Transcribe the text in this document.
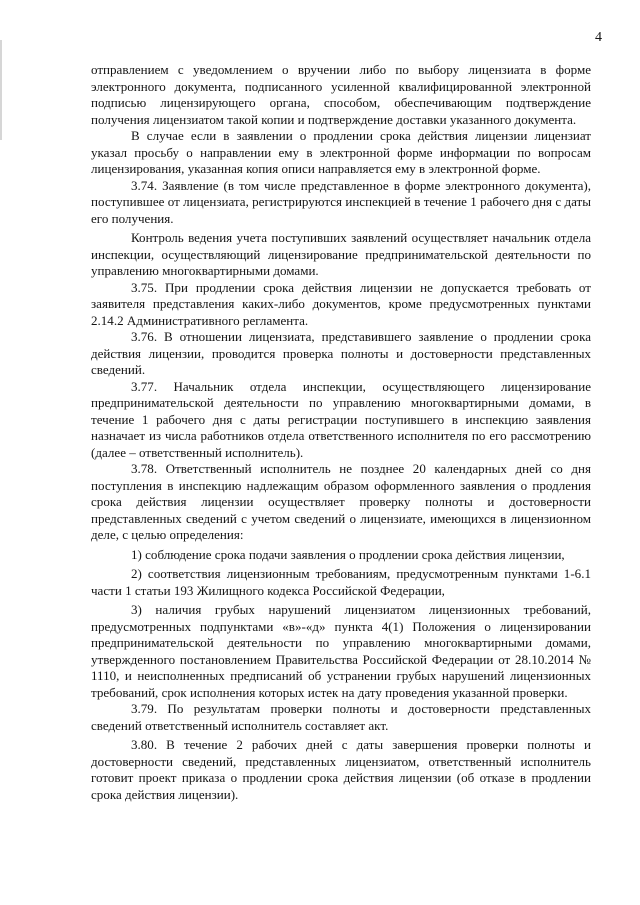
4

отправлением с уведомлением о вручении либо по выбору лицензиата в форме электронного документа, подписанного усиленной квалифицированной электронной подписью лицензирующего органа, способом, обеспечивающим подтверждение получения лицензиатом такой копии и подтверждение доставки указанного документа.

В случае если в заявлении о продлении срока действия лицензии лицензиат указал просьбу о направлении ему в электронной форме информации по вопросам лицензирования, указанная копия описи направляется ему в электронной форме.

3.74. Заявление (в том числе представленное в форме электронного документа), поступившее от лицензиата, регистрируются инспекцией в течение 1 рабочего дня с даты его получения.

Контроль ведения учета поступивших заявлений осуществляет начальник отдела инспекции, осуществляющий лицензирование предпринимательской деятельности по управлению многоквартирными домами.

3.75. При продлении срока действия лицензии не допускается требовать от заявителя представления каких-либо документов, кроме предусмотренных пунктами 2.14.2 Административного регламента.

3.76. В отношении лицензиата, представившего заявление о продлении срока действия лицензии, проводится проверка полноты и достоверности представленных сведений.

3.77. Начальник отдела инспекции, осуществляющего лицензирование предпринимательской деятельности по управлению многоквартирными домами, в течение 1 рабочего дня с даты регистрации поступившего в инспекцию заявления назначает из числа работников отдела ответственного исполнителя по его рассмотрению (далее – ответственный исполнитель).

3.78. Ответственный исполнитель не позднее 20 календарных дней со дня поступления в инспекцию надлежащим образом оформленного заявления о продления срока действия лицензии осуществляет проверку полноты и достоверности представленных сведений с учетом сведений о лицензиате, имеющихся в лицензионном деле, с целью определения:

1) соблюдение срока подачи заявления о продлении срока действия лицензии,

2) соответствия лицензионным требованиям, предусмотренным пунктами 1-6.1 части 1 статьи 193 Жилищного кодекса Российской Федерации,

3) наличия грубых нарушений лицензиатом лицензионных требований, предусмотренных подпунктами «в»-«д» пункта 4(1) Положения о лицензировании предпринимательской деятельности по управлению многоквартирными домами, утвержденного постановлением Правительства Российской Федерации от 28.10.2014 № 1110, и неисполненных предписаний об устранении грубых нарушений лицензионных требований, срок исполнения которых истек на дату проведения указанной проверки.

3.79. По результатам проверки полноты и достоверности представленных сведений ответственный исполнитель составляет акт.

3.80. В течение 2 рабочих дней с даты завершения проверки полноты и достоверности сведений, представленных лицензиатом, ответственный исполнитель готовит проект приказа о продлении срока действия лицензии (об отказе в продлении срока действия лицензии).
